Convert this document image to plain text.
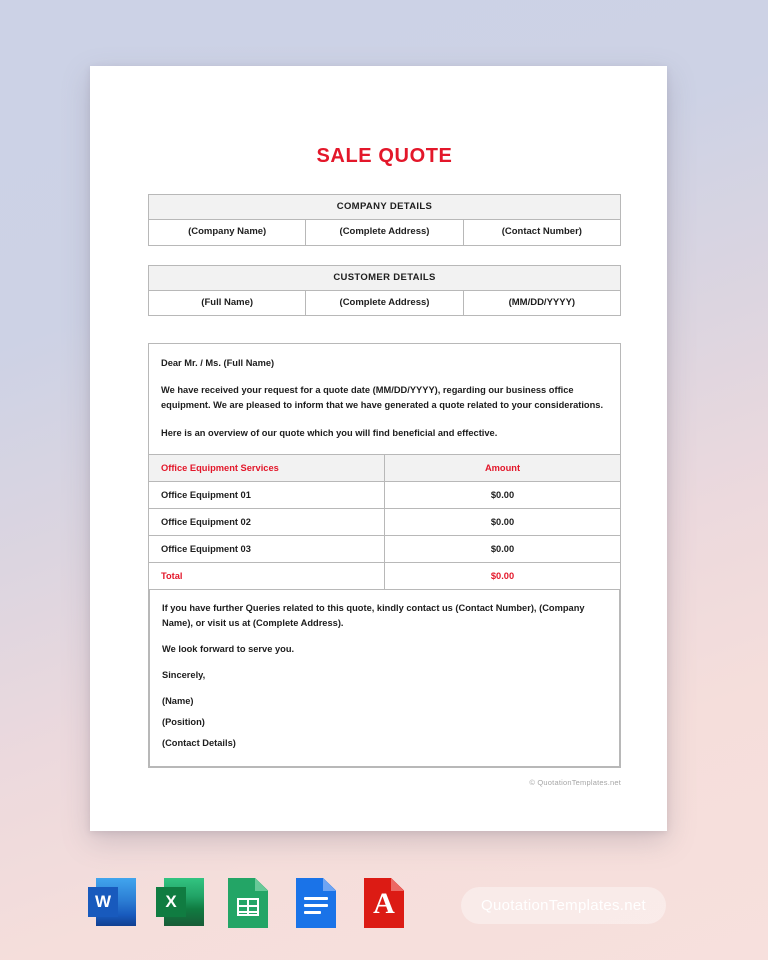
SALE QUOTE
COMPANY DETAILS
(Company Name)	(Complete Address)	(Contact Number)
CUSTOMER DETAILS
(Full Name)	(Complete Address)	(MM/DD/YYYY)

Dear Mr. / Ms. (Full Name)

We have received your request for a quote date (MM/DD/YYYY), regarding our business office equipment. We are pleased to inform that we have generated a quote related to your considerations.

Here is an overview of our quote which you will find beneficial and effective.

Office Equipment Services	Amount
Office Equipment 01	$0.00
Office Equipment 02	$0.00
Office Equipment 03	$0.00
Total	$0.00

If you have further Queries related to this quote, kindly contact us (Contact Number), (Company Name), or visit us at (Complete Address).

We look forward to serve you.

Sincerely,

(Name)

(Position)

(Contact Details)

© QuotationTemplates.net
W	X	A	QuotationTemplates.net
